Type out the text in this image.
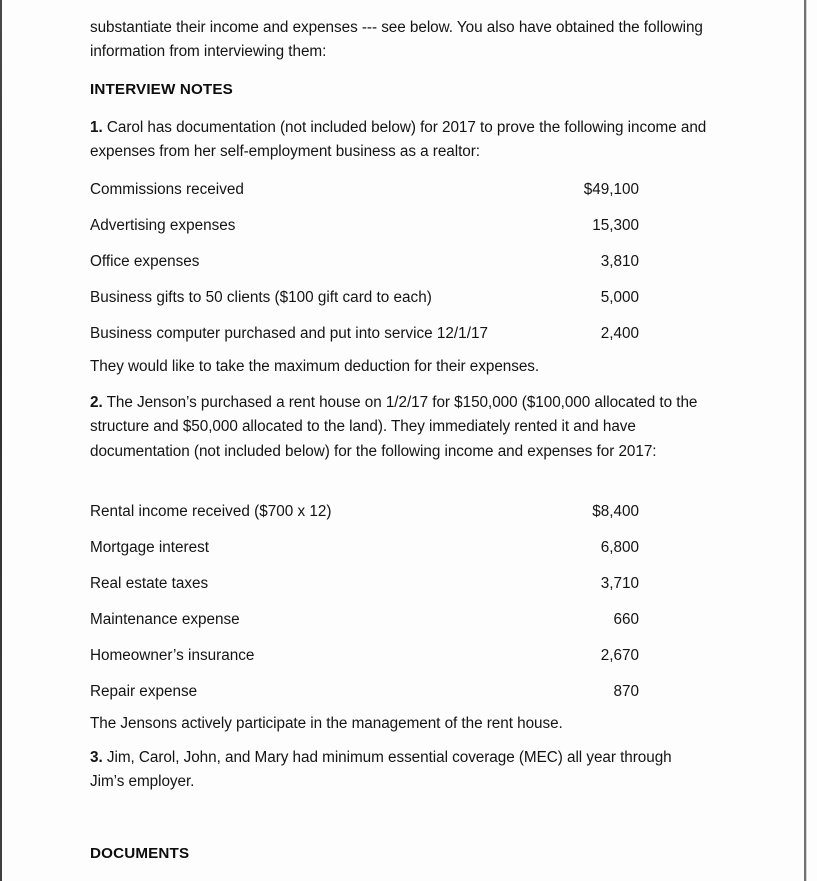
substantiate their income and expenses --- see below. You also have obtained the following information from interviewing them:

INTERVIEW NOTES

1. Carol has documentation (not included below) for 2017 to prove the following income and expenses from her self-employment business as a realtor:

Commissions received	$49,100
Advertising expenses	15,300
Office expenses	3,810
Business gifts to 50 clients ($100 gift card to each)	5,000
Business computer purchased and put into service 12/1/17	2,400

They would like to take the maximum deduction for their expenses.

2. The Jenson’s purchased a rent house on 1/2/17 for $150,000 ($100,000 allocated to the structure and $50,000 allocated to the land). They immediately rented it and have documentation (not included below) for the following income and expenses for 2017:

Rental income received ($700 x 12)	$8,400
Mortgage interest	6,800
Real estate taxes	3,710
Maintenance expense	660
Homeowner’s insurance	2,670
Repair expense	870

The Jensons actively participate in the management of the rent house.

3. Jim, Carol, John, and Mary had minimum essential coverage (MEC) all year through Jim’s employer.

DOCUMENTS
